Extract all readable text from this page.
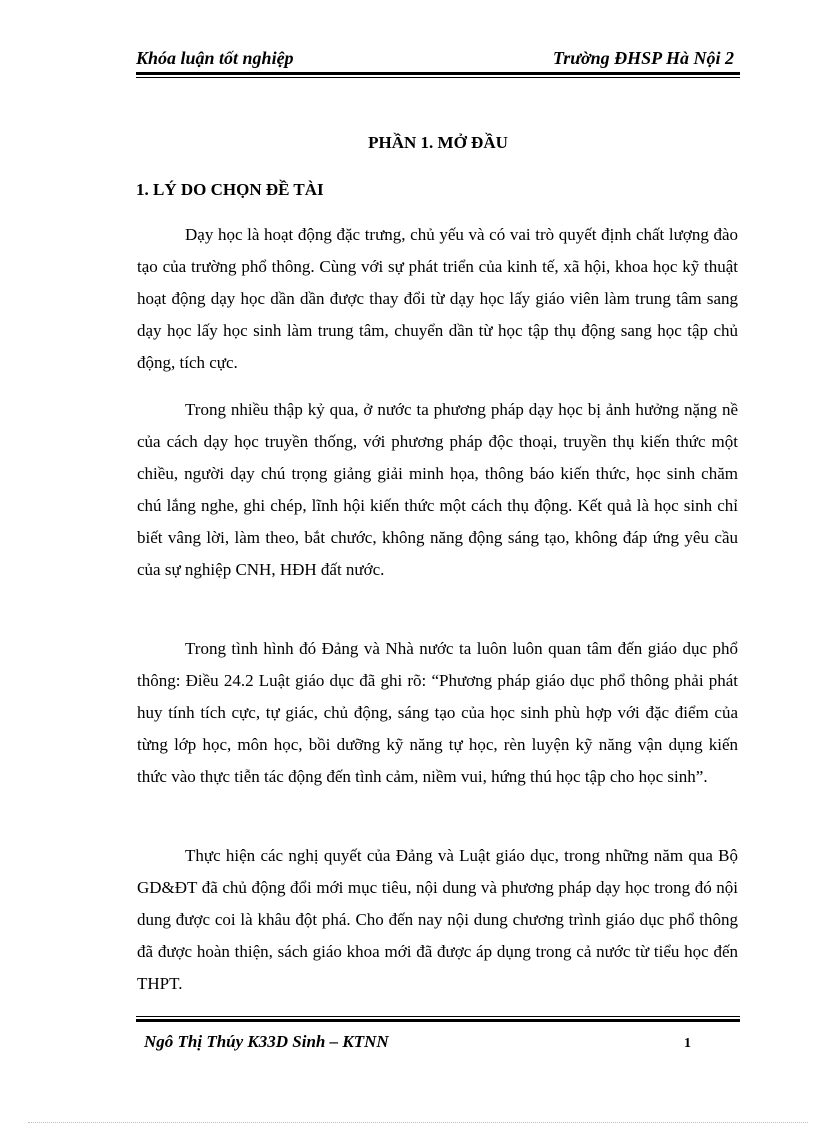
Khóa luận tốt nghiệp	Trường ĐHSP Hà Nội 2
PHẦN 1. MỞ ĐẦU
1. LÝ DO CHỌN ĐỀ TÀI
Dạy học là hoạt động đặc trưng, chủ yếu và có vai trò quyết định chất lượng đào tạo của trường phổ thông. Cùng với sự phát triển của kinh tế, xã hội, khoa học kỹ thuật hoạt động dạy học dần dần được thay đổi từ dạy học lấy giáo viên làm trung tâm sang dạy học lấy học sinh làm trung tâm, chuyển dần từ học tập thụ động sang học tập chủ động, tích cực.
Trong nhiều thập kỷ qua, ở nước ta phương pháp dạy học bị ảnh hưởng nặng nề của cách dạy học truyền thống, với phương pháp độc thoại, truyền thụ kiến thức một chiều, người dạy chú trọng giảng giải minh họa, thông báo kiến thức, học sinh chăm chú lắng nghe, ghi chép, lĩnh hội kiến thức một cách thụ động. Kết quả là học sinh chỉ biết vâng lời, làm theo, bắt chước, không năng động sáng tạo, không đáp ứng yêu cầu của sự nghiệp CNH, HĐH đất nước.
Trong tình hình đó Đảng và Nhà nước ta luôn luôn quan tâm đến giáo dục phổ thông: Điều 24.2 Luật giáo dục đã ghi rõ: “Phương pháp giáo dục phổ thông phải phát huy tính tích cực, tự giác, chủ động, sáng tạo của học sinh phù hợp với đặc điểm của từng lớp học, môn học, bồi dưỡng kỹ năng tự học, rèn luyện kỹ năng vận dụng kiến thức vào thực tiễn tác động đến tình cảm, niềm vui, hứng thú học tập cho học sinh”.
Thực hiện các nghị quyết của Đảng và Luật giáo dục, trong những năm qua Bộ GD&ĐT đã chủ động đổi mới mục tiêu, nội dung và phương pháp dạy học trong đó nội dung được coi là khâu đột phá. Cho đến nay nội dung chương trình giáo dục phổ thông đã được hoàn thiện, sách giáo khoa mới đã được áp dụng trong cả nước từ tiểu học đến THPT.
Ngô Thị Thúy K33D Sinh – KTNN	1
